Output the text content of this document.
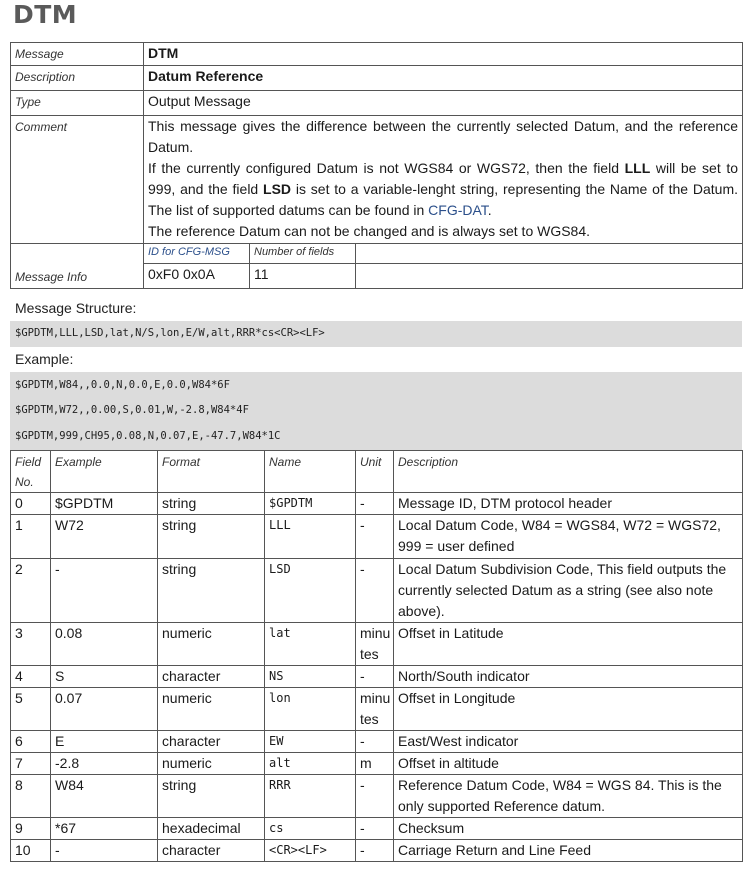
DTM
Message	DTM		
Description	Datum Reference		
Type	Output Message		
Comment	This message gives the difference between the currently selected Datum, and the reference Datum.
If the currently configured Datum is not WGS84 or WGS72, then the field LLL will be set to 999, and the field LSD is set to a variable-lenght string, representing the Name of the Datum. The list of supported datums can be found in CFG-DAT.
The reference Datum can not be changed and is always set to WGS84.		

Message Info	ID for CFG-MSG	Number of fields	
	0xF0 0x0A	11	
Message Structure:
$GPDTM,LLL,LSD,lat,N/S,lon,E/W,alt,RRR*cs<CR><LF>
Example:
$GPDTM,W84,,0.0,N,0.0,E,0.0,W84*6F
$GPDTM,W72,,0.00,S,0.01,W,-2.8,W84*4F
$GPDTM,999,CH95,0.08,N,0.07,E,-47.7,W84*1C
Field No.	Example	Format	Name	Unit	Description
0	$GPDTM	string	$GPDTM	-	Message ID, DTM protocol header
1	W72	string	LLL	-	Local Datum Code, W84 = WGS84, W72 = WGS72, 999 = user defined
2	-	string	LSD	-	Local Datum Subdivision Code, This field outputs the currently selected Datum as a string (see also note above).
3	0.08	numeric	lat	minutes	Offset in Latitude
4	S	character	NS	-	North/South indicator
5	0.07	numeric	lon	minutes	Offset in Longitude
6	E	character	EW	-	East/West indicator
7	-2.8	numeric	alt	m	Offset in altitude
8	W84	string	RRR	-	Reference Datum Code, W84 = WGS 84. This is the only supported Reference datum.
9	*67	hexadecimal	cs	-	Checksum
10	-	character	<CR><LF>	-	Carriage Return and Line Feed
